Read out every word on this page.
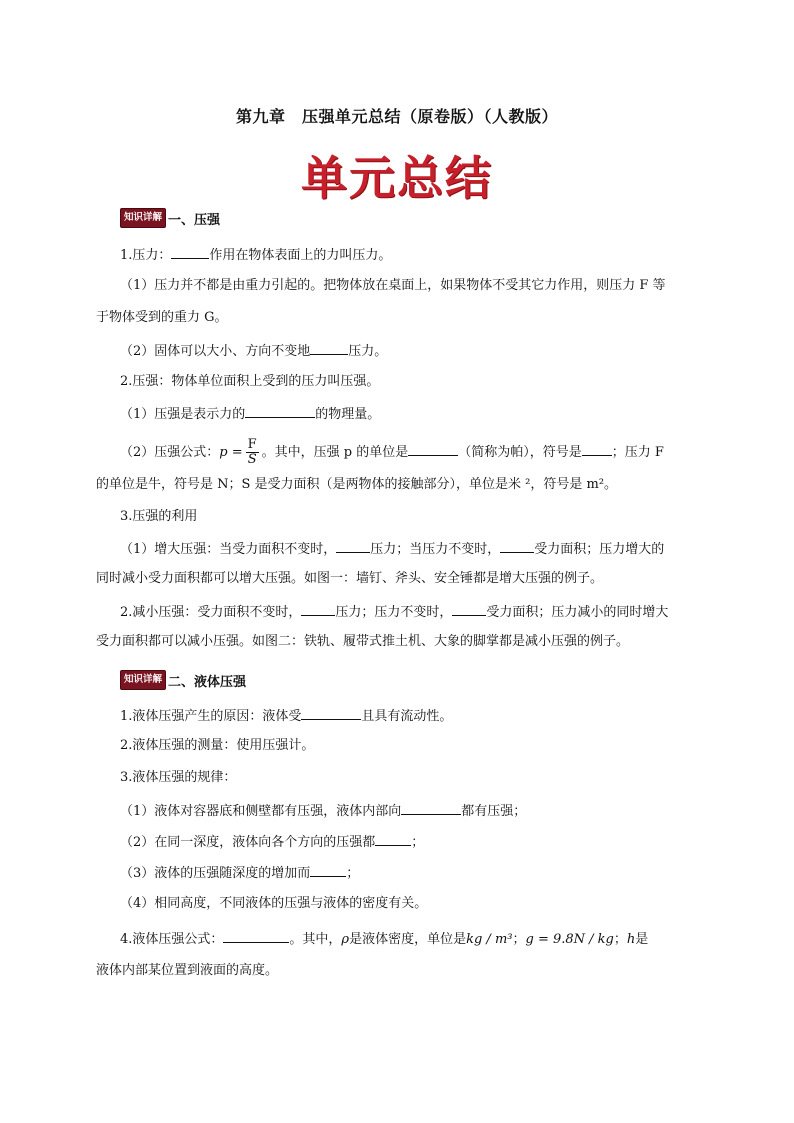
第九章　压强单元总结（原卷版）（人教版）
单元总结
知识详解 一、压强
1.压力：	作用在物体表面上的力叫压力。
（1）压力并不都是由重力引起的。把物体放在桌面上，如果物体不受其它力作用，则压力 F 等
于物体受到的重力 G。
（2）固体可以大小、方向不变地	压力。
2.压强：物体单位面积上受到的压力叫压强。
（1）压强是表示力的	的物理量。
（2）压强公式：$p = \frac{F}{S}$ 。其中，压强 p 的单位是	（简称为帕），符号是 ；压力 F
的单位是牛，符号是 N；S 是受力面积（是两物体的接触部分），单位是米 ²，符号是 m²。
3.压强的利用
（1）增大压强：当受力面积不变时，	压力；当压力不变时，	受力面积；压力增大的
同时减小受力面积都可以增大压强。如图一：墙钉、斧头、安全锤都是增大压强的例子。
2.减小压强：受力面积不变时，	压力；压力不变时，	受力面积；压力减小的同时增大
受力面积都可以减小压强。如图二：铁轨、履带式推土机、大象的脚掌都是减小压强的例子。
知识详解 二、液体压强
1.液体压强产生的原因：液体受	且具有流动性。
2.液体压强的测量：使用压强计。
3.液体压强的规律：
（1）液体对容器底和侧壁都有压强，液体内部向	都有压强；
（2）在同一深度，液体向各个方向的压强都	；
（3）液体的压强随深度的增加而	；
（4）相同高度，不同液体的压强与液体的密度有关。
4.液体压强公式：	。其中，ρ是液体密度，单位是kg / m³；g = 9.8N / kg；h是
液体内部某位置到液面的高度。
